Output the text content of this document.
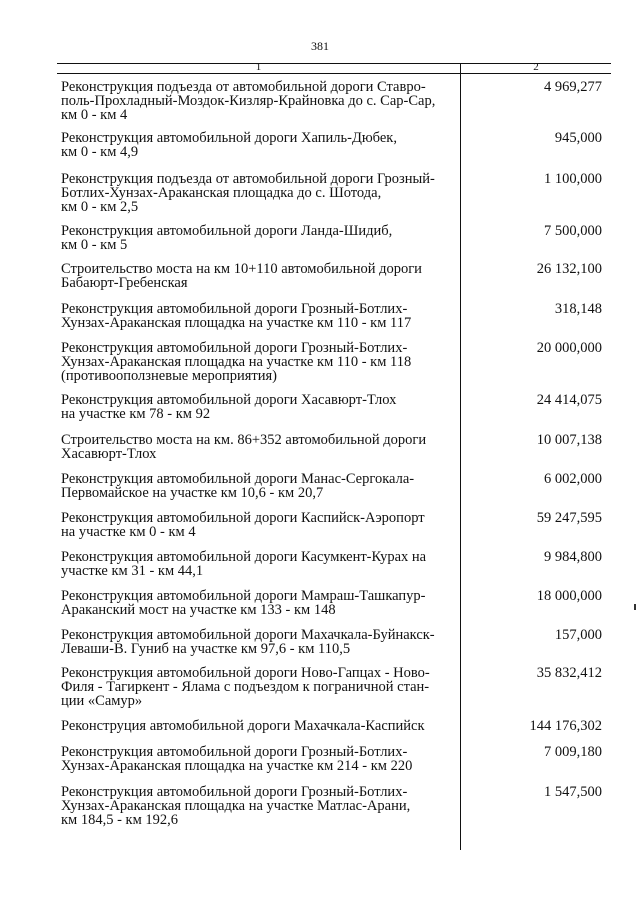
381
1	2
Реконструкция подъезда от автомобильной дороги Ставро-
поль-Прохладный-Моздок-Кизляр-Крайновка до с. Сар-Сар,
км 0 - км 4
4 969,277
Реконструкция автомобильной дороги Хапиль-Дюбек,
км 0 - км 4,9
945,000
Реконструкция подъезда от автомобильной дороги Грозный-
Ботлих-Хунзах-Араканская площадка до с. Шотода,
км 0 - км 2,5
1 100,000
Реконструкция автомобильной дороги Ланда-Шидиб,
км 0 - км 5
7 500,000
Строительство моста на км 10+110 автомобильной дороги
Бабаюрт-Гребенская
26 132,100
Реконструкция автомобильной дороги Грозный-Ботлих-
Хунзах-Араканская площадка на участке км 110 - км 117
318,148
Реконструкция автомобильной дороги Грозный-Ботлих-
Хунзах-Араканская площадка на участке км 110 - км 118
(противооползневые мероприятия)
20 000,000
Реконструкция автомобильной дороги Хасавюрт-Тлох
на участке км 78 - км 92
24 414,075
Строительство моста на км. 86+352 автомобильной дороги
Хасавюрт-Тлох
10 007,138
Реконструкция автомобильной дороги Манас-Сергокала-
Первомайское на участке км 10,6 - км 20,7
6 002,000
Реконструкция автомобильной дороги Каспийск-Аэропорт
на участке км 0 - км 4
59 247,595
Реконструкция автомобильной дороги Касумкент-Курах на
участке км 31 - км 44,1
9 984,800
Реконструкция автомобильной дороги Мамраш-Ташкапур-
Араканский мост на участке км 133 - км 148
18 000,000
Реконструкция автомобильной дороги Махачкала-Буйнакск-
Леваши-В. Гуниб на участке км 97,6 - км 110,5
157,000
Реконструкция автомобильной дороги Ново-Гапцах - Ново-
Филя - Тагиркент - Ялама с подъездом к пограничной стан-
ции «Самур»
35 832,412
Реконструция автомобильной дороги Махачкала-Каспийск	144 176,302
Реконструкция автомобильной дороги Грозный-Ботлих-
Хунзах-Араканская площадка на участке км 214 - км 220
7 009,180
Реконструкция автомобильной дороги Грозный-Ботлих-
Хунзах-Араканская площадка на участке Матлас-Арани,
км 184,5 - км 192,6
1 547,500
